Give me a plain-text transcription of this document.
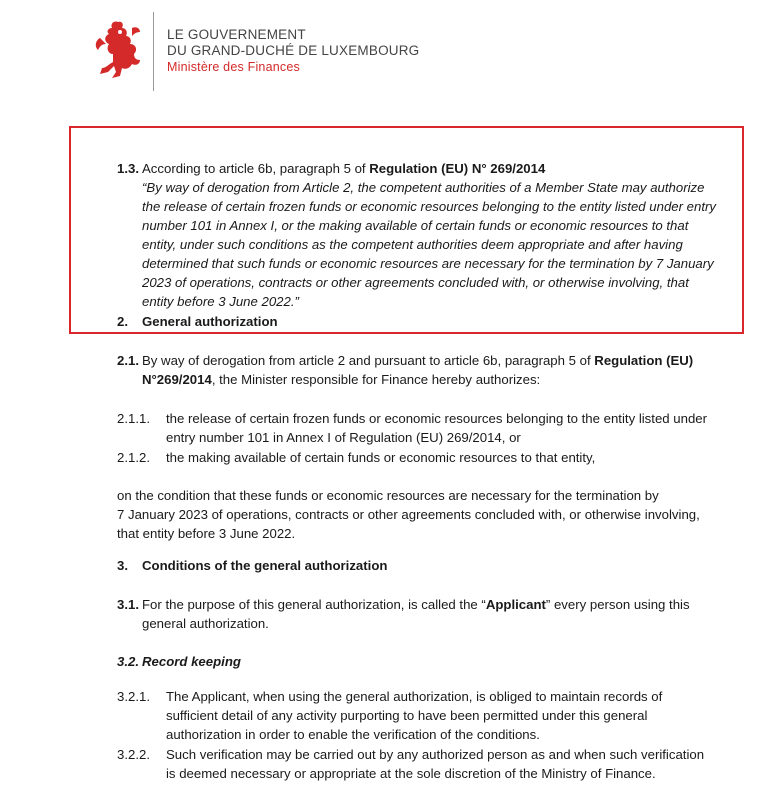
LE GOUVERNEMENT
DU GRAND-DUCHÉ DE LUXEMBOURG
Ministère des Finances
1.3. According to article 6b, paragraph 5 of Regulation (EU) N° 269/2014
“By way of derogation from Article 2, the competent authorities of a Member State may authorize
the release of certain frozen funds or economic resources belonging to the entity listed under entry
number 101 in Annex I, or the making available of certain funds or economic resources to that
entity, under such conditions as the competent authorities deem appropriate and after having
determined that such funds or economic resources are necessary for the termination by 7 January
2023 of operations, contracts or other agreements concluded with, or otherwise involving, that
entity before 3 June 2022.”
2. General authorization
2.1. By way of derogation from article 2 and pursuant to article 6b, paragraph 5 of Regulation (EU)
N°269/2014, the Minister responsible for Finance hereby authorizes:
2.1.1. the release of certain frozen funds or economic resources belonging to the entity listed under
entry number 101 in Annex I of Regulation (EU) 269/2014, or
2.1.2. the making available of certain funds or economic resources to that entity,
on the condition that these funds or economic resources are necessary for the termination by
7 January 2023 of operations, contracts or other agreements concluded with, or otherwise involving,
that entity before 3 June 2022.
3. Conditions of the general authorization
3.1. For the purpose of this general authorization, is called the “Applicant” every person using this
general authorization.
3.2. Record keeping
3.2.1. The Applicant, when using the general authorization, is obliged to maintain records of
sufficient detail of any activity purporting to have been permitted under this general
authorization in order to enable the verification of the conditions.
3.2.2. Such verification may be carried out by any authorized person as and when such verification
is deemed necessary or appropriate at the sole discretion of the Ministry of Finance.
